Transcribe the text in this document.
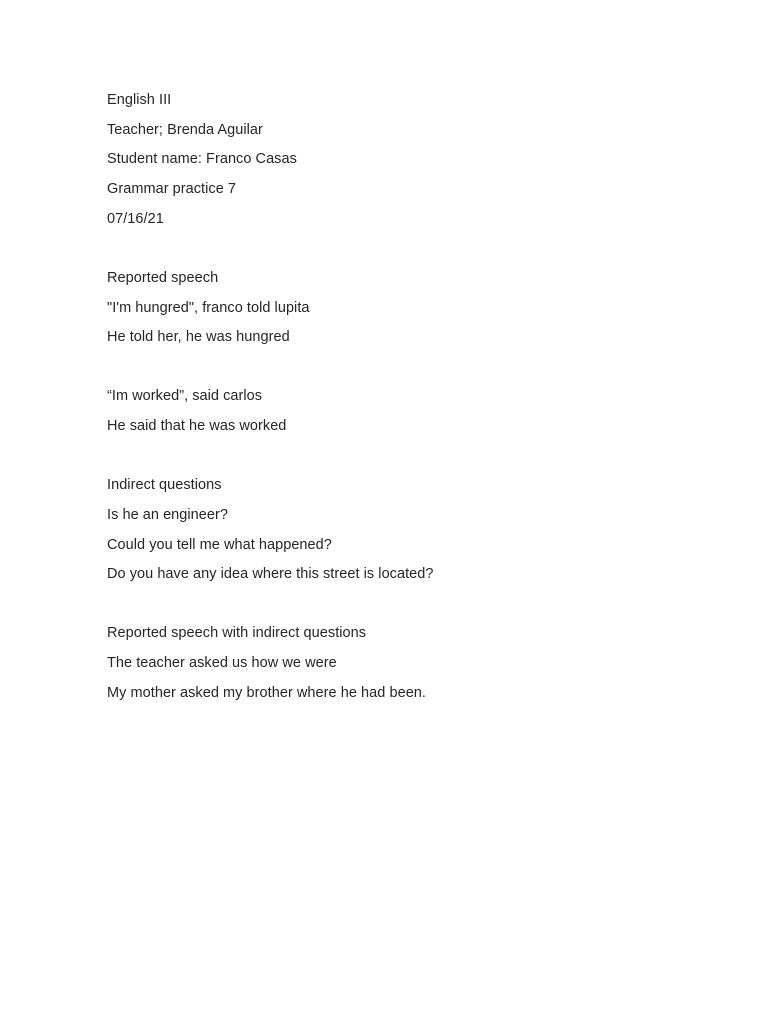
English III
Teacher; Brenda Aguilar
Student name: Franco Casas
Grammar practice 7
07/16/21
Reported speech
"I'm hungred", franco told lupita
He told her, he was hungred
“Im worked”, said carlos
He said that he was worked
Indirect questions
Is he an engineer?
Could you tell me what happened?
Do you have any idea where this street is located?
Reported speech with indirect questions
The teacher asked us how we were
My mother asked my brother where he had been.
